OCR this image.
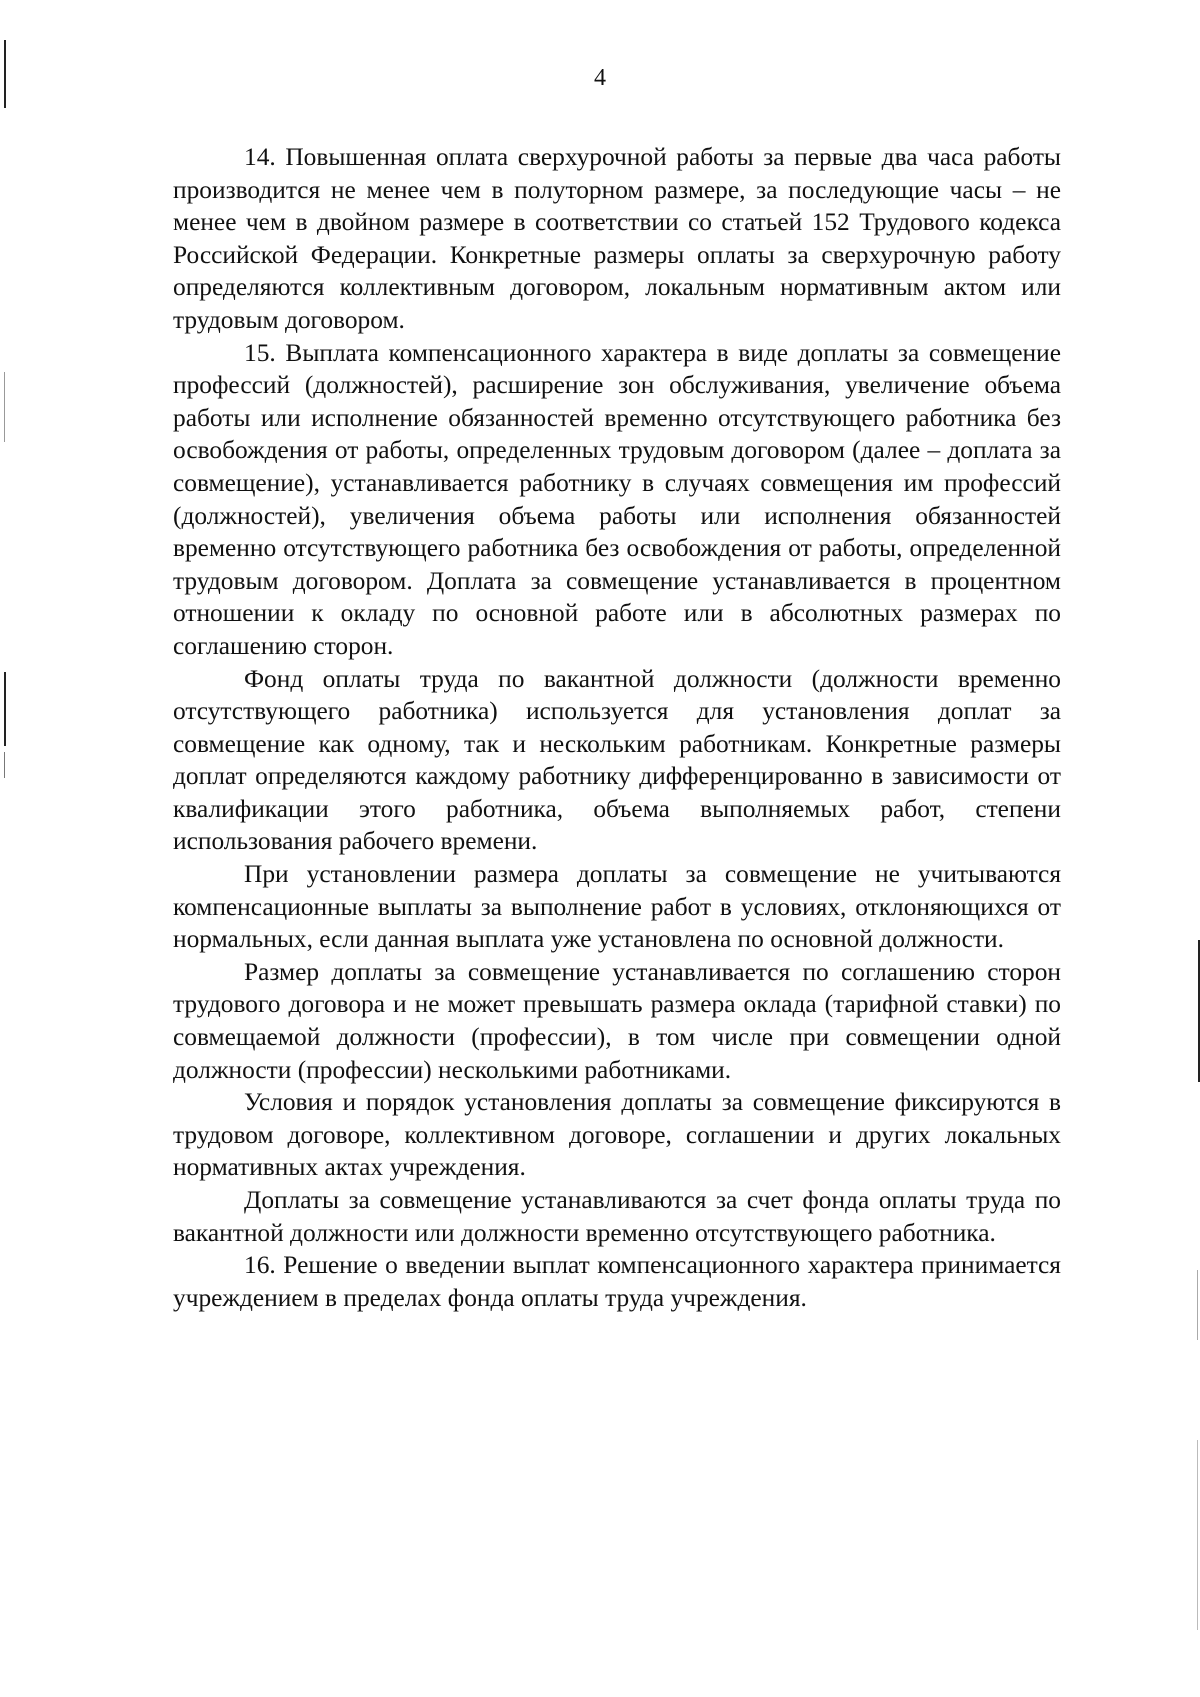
4

14. Повышенная оплата сверхурочной работы за первые два часа работы производится не менее чем в полуторном размере, за последующие часы – не менее чем в двойном размере в соответствии со статьей 152 Трудового кодекса Российской Федерации. Конкретные размеры оплаты за сверхурочную работу определяются коллективным договором, локальным нормативным актом или трудовым договором.

15. Выплата компенсационного характера в виде доплаты за совмещение профессий (должностей), расширение зон обслуживания, увеличение объема работы или исполнение обязанностей временно отсутствующего работника без освобождения от работы, определенных трудовым договором (далее – доплата за совмещение), устанавливается работнику в случаях совмещения им профессий (должностей), увеличения объема работы или исполнения обязанностей временно отсутствующего работника без освобождения от работы, определенной трудовым договором. Доплата за совмещение устанавливается в процентном отношении к окладу по основной работе или в абсолютных размерах по соглашению сторон.

Фонд оплаты труда по вакантной должности (должности временно отсутствующего работника) используется для установления доплат за совмещение как одному, так и нескольким работникам. Конкретные размеры доплат определяются каждому работнику дифференцированно в зависимости от квалификации этого работника, объема выполняемых работ, степени использования рабочего времени.

При установлении размера доплаты за совмещение не учитываются компенсационные выплаты за выполнение работ в условиях, отклоняющихся от нормальных, если данная выплата уже установлена по основной должности.

Размер доплаты за совмещение устанавливается по соглашению сторон трудового договора и не может превышать размера оклада (тарифной ставки) по совмещаемой должности (профессии), в том числе при совмещении одной должности (профессии) несколькими работниками.

Условия и порядок установления доплаты за совмещение фиксируются в трудовом договоре, коллективном договоре, соглашении и других локальных нормативных актах учреждения.

Доплаты за совмещение устанавливаются за счет фонда оплаты труда по вакантной должности или должности временно отсутствующего работника.

16. Решение о введении выплат компенсационного характера принимается учреждением в пределах фонда оплаты труда учреждения.
